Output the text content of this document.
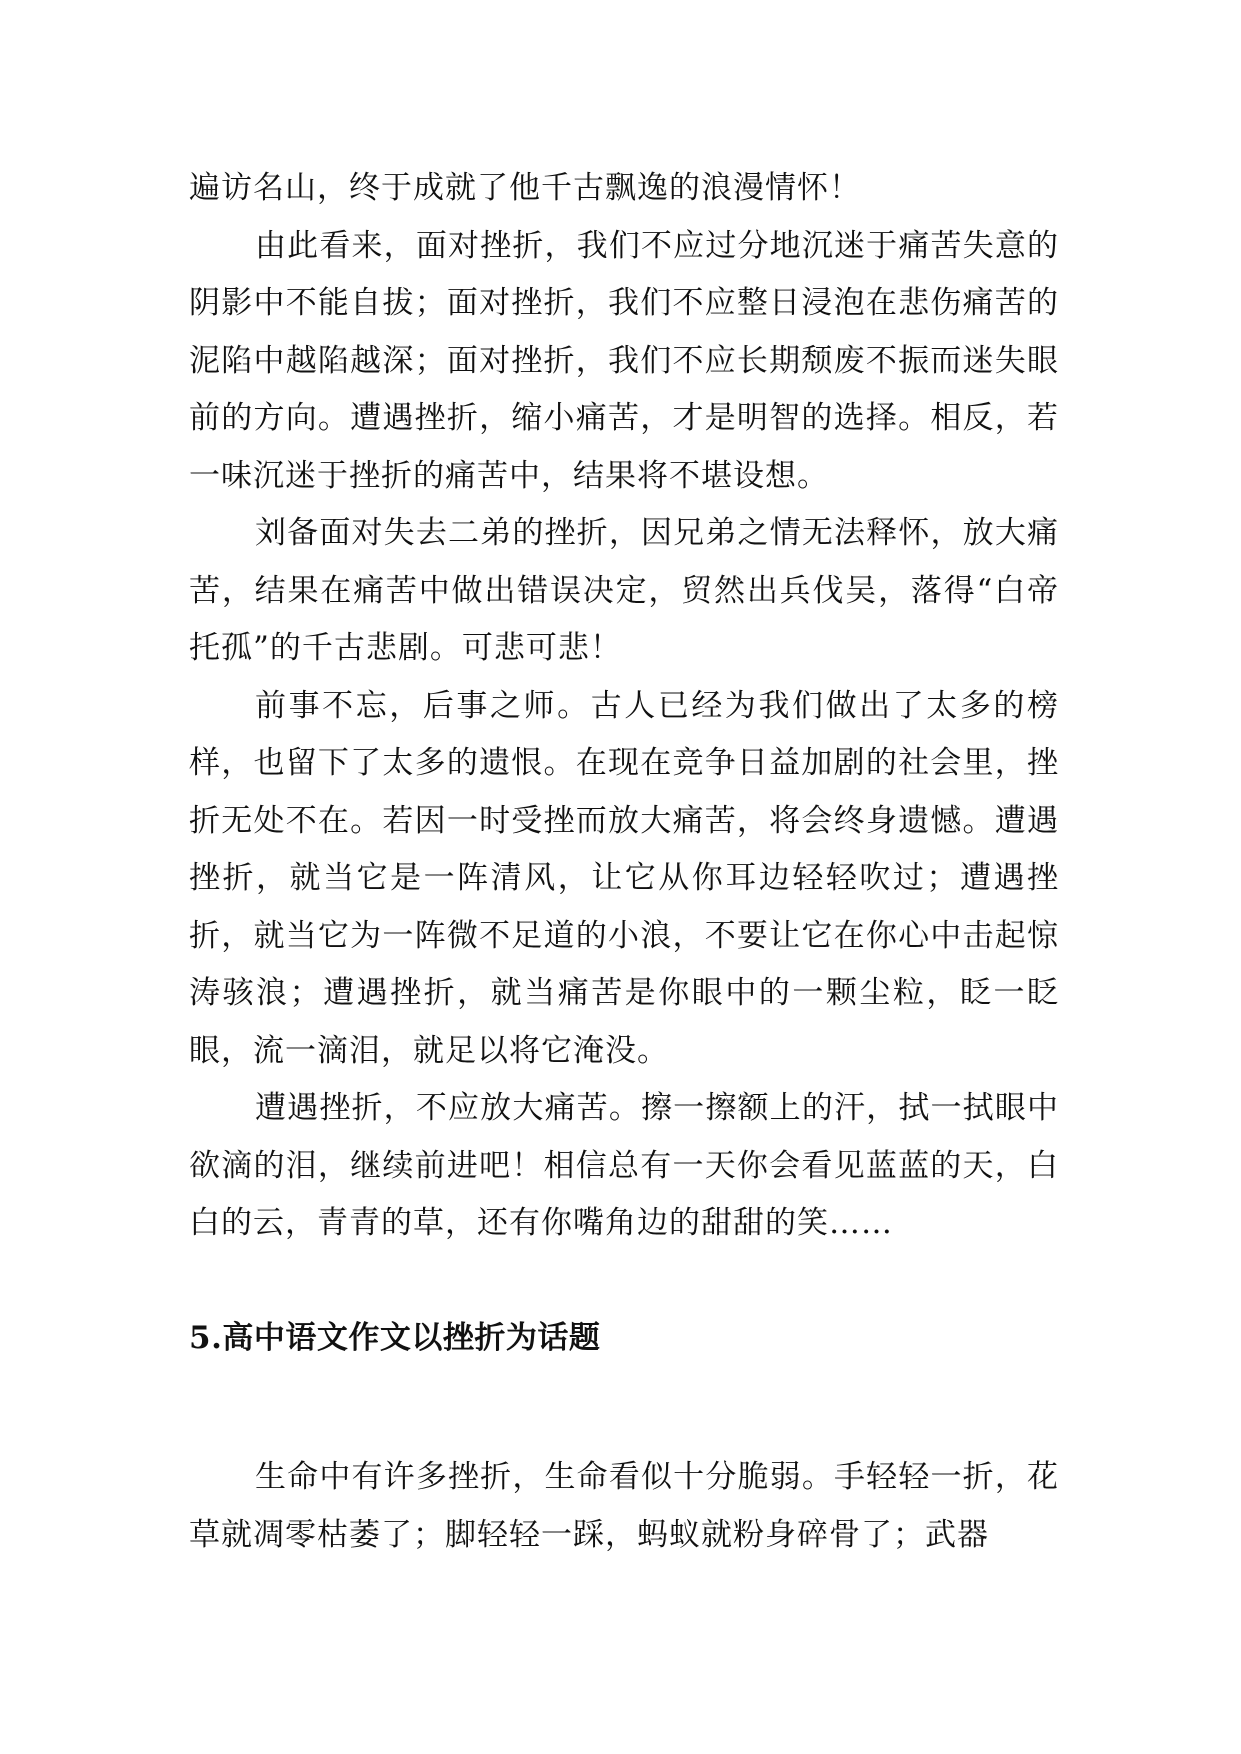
遍访名山，终于成就了他千古飘逸的浪漫情怀！

由此看来，面对挫折，我们不应过分地沉迷于痛苦失意的阴影中不能自拔；面对挫折，我们不应整日浸泡在悲伤痛苦的泥陷中越陷越深；面对挫折，我们不应长期颓废不振而迷失眼前的方向。遭遇挫折，缩小痛苦，才是明智的选择。相反，若一味沉迷于挫折的痛苦中，结果将不堪设想。

刘备面对失去二弟的挫折，因兄弟之情无法释怀，放大痛苦，结果在痛苦中做出错误决定，贸然出兵伐吴，落得“白帝托孤”的千古悲剧。可悲可悲！

前事不忘，后事之师。古人已经为我们做出了太多的榜样，也留下了太多的遗恨。在现在竞争日益加剧的社会里，挫折无处不在。若因一时受挫而放大痛苦，将会终身遗憾。遭遇挫折，就当它是一阵清风，让它从你耳边轻轻吹过；遭遇挫折，就当它为一阵微不足道的小浪，不要让它在你心中击起惊涛骇浪；遭遇挫折，就当痛苦是你眼中的一颗尘粒，眨一眨眼，流一滴泪，就足以将它淹没。

遭遇挫折，不应放大痛苦。擦一擦额上的汗，拭一拭眼中欲滴的泪，继续前进吧！相信总有一天你会看见蓝蓝的天，白白的云，青青的草，还有你嘴角边的甜甜的笑……

5.高中语文作文以挫折为话题

生命中有许多挫折，生命看似十分脆弱。手轻轻一折，花草就凋零枯萎了；脚轻轻一踩，蚂蚁就粉身碎骨了；武器
